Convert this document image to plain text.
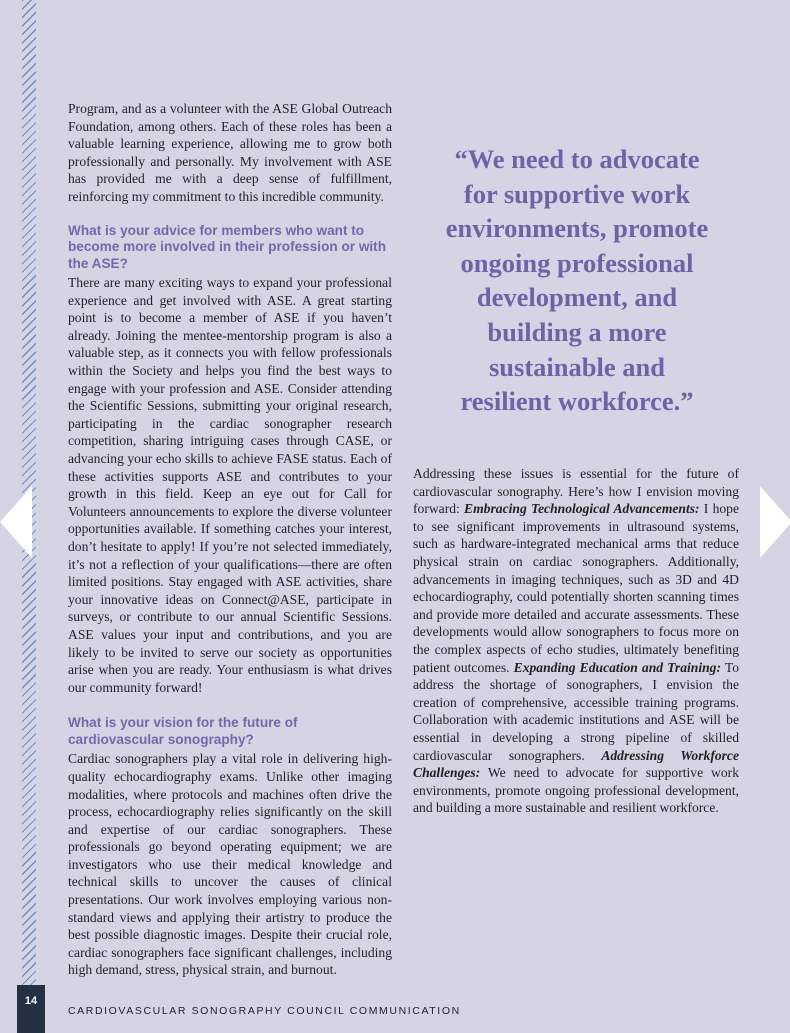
Program, and as a volunteer with the ASE Global Outreach Foundation, among others. Each of these roles has been a valuable learning experience, allowing me to grow both professionally and personally. My involvement with ASE has provided me with a deep sense of fulfillment, reinforcing my commitment to this incredible community.

What is your advice for members who want to become more involved in their profession or with the ASE?

There are many exciting ways to expand your professional experience and get involved with ASE. A great starting point is to become a member of ASE if you haven’t already. Joining the mentee-mentorship program is also a valuable step, as it connects you with fellow professionals within the Society and helps you find the best ways to engage with your profession and ASE. Consider attending the Scientific Sessions, submitting your original research, participating in the cardiac sonographer research competition, sharing intriguing cases through CASE, or advancing your echo skills to achieve FASE status. Each of these activities supports ASE and contributes to your growth in this field. Keep an eye out for Call for Volunteers announcements to explore the diverse volunteer opportunities available. If something catches your interest, don’t hesitate to apply! If you’re not selected immediately, it’s not a reflection of your qualifications—there are often limited positions. Stay engaged with ASE activities, share your innovative ideas on Connect@ASE, participate in surveys, or contribute to our annual Scientific Sessions. ASE values your input and contributions, and you are likely to be invited to serve our society as opportunities arise when you are ready. Your enthusiasm is what drives our community forward!

What is your vision for the future of cardiovascular sonography?

Cardiac sonographers play a vital role in delivering high-quality echocardiography exams. Unlike other imaging modalities, where protocols and machines often drive the process, echocardiography relies significantly on the skill and expertise of our cardiac sonographers. These professionals go beyond operating equipment; we are investigators who use their medical knowledge and technical skills to uncover the causes of clinical presentations. Our work involves employing various non-standard views and applying their artistry to produce the best possible diagnostic images. Despite their crucial role, cardiac sonographers face significant challenges, including high demand, stress, physical strain, and burnout.

“We need to advocate
for supportive work
environments, promote
ongoing professional
development, and
building a more
sustainable and
resilient workforce.”

Addressing these issues is essential for the future of cardiovascular sonography. Here’s how I envision moving forward: Embracing Technological Advancements: I hope to see significant improvements in ultrasound systems, such as hardware-integrated mechanical arms that reduce physical strain on cardiac sonographers. Additionally, advancements in imaging techniques, such as 3D and 4D echocardiography, could potentially shorten scanning times and provide more detailed and accurate assessments. These developments would allow sonographers to focus more on the complex aspects of echo studies, ultimately benefiting patient outcomes. Expanding Education and Training: To address the shortage of sonographers, I envision the creation of comprehensive, accessible training programs. Collaboration with academic institutions and ASE will be essential in developing a strong pipeline of skilled cardiovascular sonographers. Addressing Workforce Challenges: We need to advocate for supportive work environments, promote ongoing professional development, and building a more sustainable and resilient workforce.

14
CARDIOVASCULAR SONOGRAPHY COUNCIL COMMUNICATION
